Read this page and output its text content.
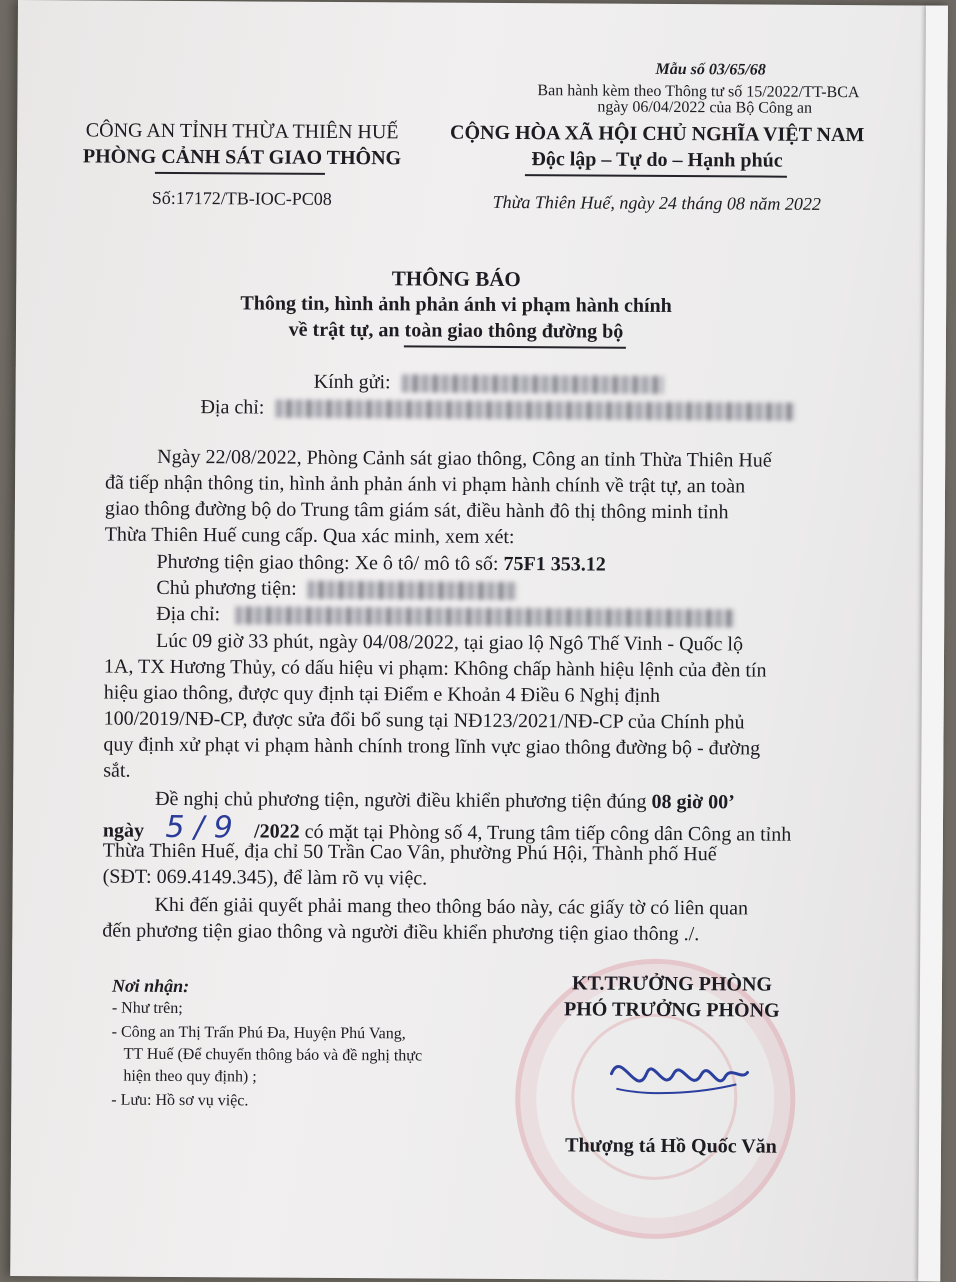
Mẫu số 03/65/68
Ban hành kèm theo Thông tư số 15/2022/TT-BCA
ngày 06/04/2022 của Bộ Công an
CÔNG AN TỈNH THỪA THIÊN HUẾ
PHÒNG CẢNH SÁT GIAO THÔNG
Số:17172/TB-IOC-PC08
CỘNG HÒA XÃ HỘI CHỦ NGHĨA VIỆT NAM
Độc lập – Tự do – Hạnh phúc
Thừa Thiên Huế, ngày 24 tháng 08 năm 2022
THÔNG BÁO
Thông tin, hình ảnh phản ánh vi phạm hành chính
về trật tự, an toàn giao thông đường bộ
Kính gửi:
Địa chỉ:
Ngày 22/08/2022, Phòng Cảnh sát giao thông, Công an tỉnh Thừa Thiên Huế
đã tiếp nhận thông tin, hình ảnh phản ánh vi phạm hành chính về trật tự, an toàn
giao thông đường bộ do Trung tâm giám sát, điều hành đô thị thông minh tỉnh
Thừa Thiên Huế cung cấp. Qua xác minh, xem xét:
Phương tiện giao thông: Xe ô tô/ mô tô số: 75F1 353.12
Chủ phương tiện:
Địa chỉ:
Lúc 09 giờ 33 phút, ngày 04/08/2022, tại giao lộ Ngô Thế Vinh - Quốc lộ
1A, TX Hương Thủy, có dấu hiệu vi phạm: Không chấp hành hiệu lệnh của đèn tín
hiệu giao thông, được quy định tại Điểm e Khoản 4 Điều 6 Nghị định
100/2019/NĐ-CP, được sửa đổi bổ sung tại NĐ123/2021/NĐ-CP của Chính phủ
quy định xử phạt vi phạm hành chính trong lĩnh vực giao thông đường bộ - đường
sắt.
Đề nghị chủ phương tiện, người điều khiển phương tiện đúng 08 giờ 00’
ngày 5 / 9 /2022 có mặt tại Phòng số 4, Trung tâm tiếp công dân Công an tỉnh
Thừa Thiên Huế, địa chỉ 50 Trần Cao Vân, phường Phú Hội, Thành phố Huế
(SĐT: 069.4149.345), để làm rõ vụ việc.
Khi đến giải quyết phải mang theo thông báo này, các giấy tờ có liên quan
đến phương tiện giao thông và người điều khiển phương tiện giao thông ./.
Nơi nhận:
- Như trên;
- Công an Thị Trấn Phú Đa, Huyện Phú Vang,
TT Huế (Để chuyển thông báo và đề nghị thực
hiện theo quy định) ;
- Lưu: Hồ sơ vụ việc.
KT.TRƯỞNG PHÒNG
PHÓ TRƯỞNG PHÒNG
Thượng tá Hồ Quốc Văn
